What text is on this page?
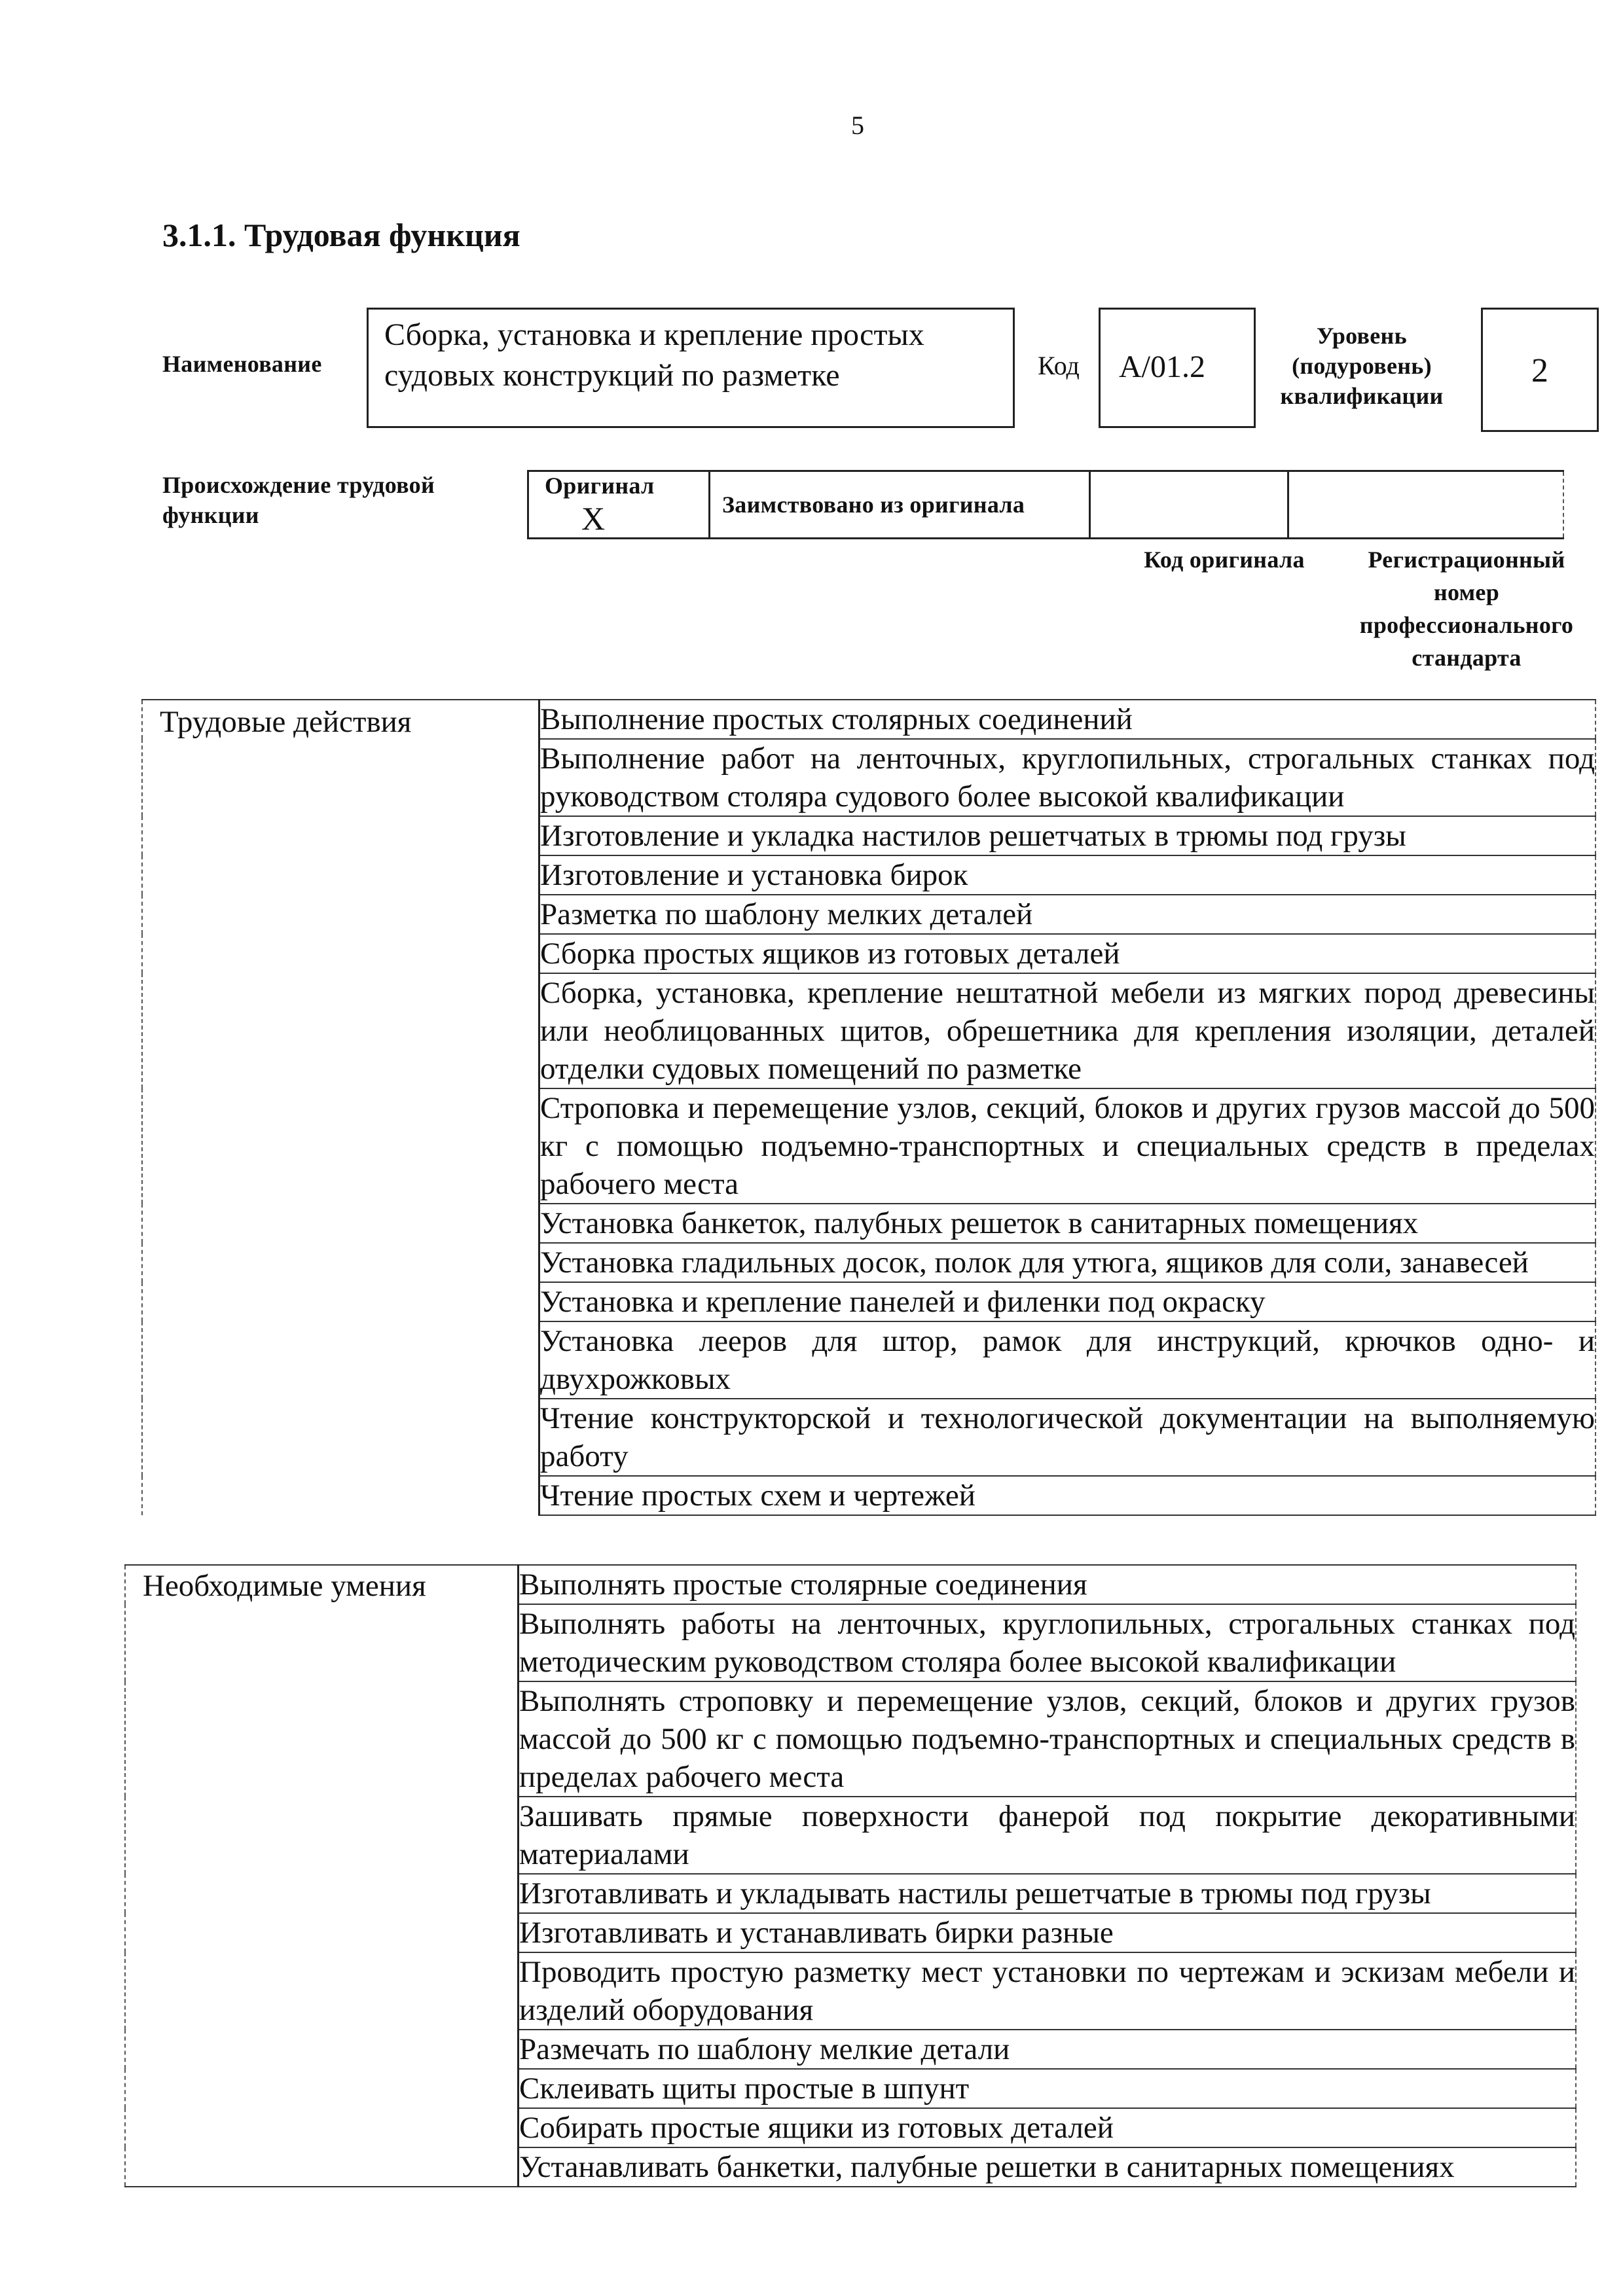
5
3.1.1. Трудовая функция
Наименование
Сборка, установка и крепление простых судовых конструкций по разметке	Код	A/01.2
Уровень (подуровень) квалификации
2
Происхождение трудовой функции
Оригинал X	Заимствовано из оригинала		
Код оригинала	Регистрационный номер профессионального стандарта
Трудовые действия	Выполнение простых столярных соединений
Выполнение работ на ленточных, круглопильных, строгальных станках под руководством столяра судового более высокой квалификации
Изготовление и укладка настилов решетчатых в трюмы под грузы
Изготовление и установка бирок
Разметка по шаблону мелких деталей
Сборка простых ящиков из готовых деталей
Сборка, установка, крепление нештатной мебели из мягких пород древесины или необлицованных щитов, обрешетника для крепления изоляции, деталей отделки судовых помещений по разметке
Строповка и перемещение узлов, секций, блоков и других грузов массой до 500 кг с помощью подъемно-транспортных и специальных средств в пределах рабочего места
Установка банкеток, палубных решеток в санитарных помещениях
Установка гладильных досок, полок для утюга, ящиков для соли, занавесей
Установка и крепление панелей и филенки под окраску
Установка лееров для штор, рамок для инструкций, крючков одно- и двухрожковых
Чтение конструкторской и технологической документации на выполняемую работу
Чтение простых схем и чертежей
Необходимые умения	Выполнять простые столярные соединения
Выполнять работы на ленточных, круглопильных, строгальных станках под методическим руководством столяра более высокой квалификации
Выполнять строповку и перемещение узлов, секций, блоков и других грузов массой до 500 кг с помощью подъемно-транспортных и специальных средств в пределах рабочего места
Зашивать прямые поверхности фанерой под покрытие декоративными материалами
Изготавливать и укладывать настилы решетчатые в трюмы под грузы
Изготавливать и устанавливать бирки разные
Проводить простую разметку мест установки по чертежам и эскизам мебели и изделий оборудования
Размечать по шаблону мелкие детали
Склеивать щиты простые в шпунт
Собирать простые ящики из готовых деталей
Устанавливать банкетки, палубные решетки в санитарных помещениях
